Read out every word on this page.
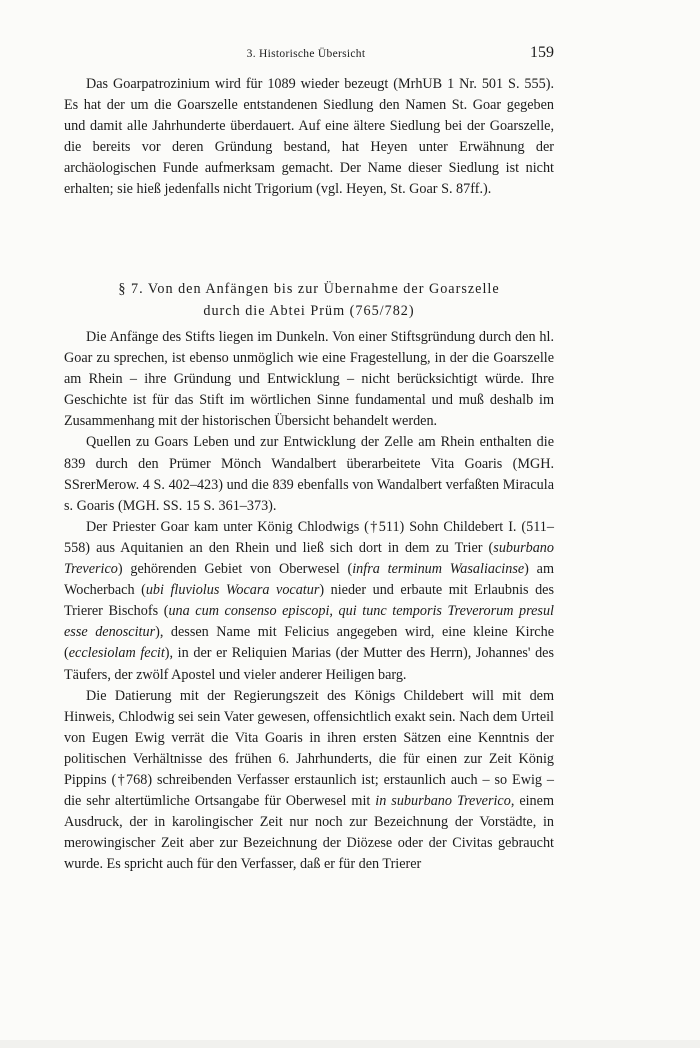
3. Historische Übersicht	159

Das Goarpatrozinium wird für 1089 wieder bezeugt (MrhUB 1 Nr. 501 S. 555). Es hat der um die Goarszelle entstandenen Siedlung den Namen St. Goar gegeben und damit alle Jahrhunderte überdauert. Auf eine ältere Siedlung bei der Goarszelle, die bereits vor deren Gründung bestand, hat Heyen unter Erwähnung der archäologischen Funde aufmerksam gemacht. Der Name dieser Siedlung ist nicht erhalten; sie hieß jedenfalls nicht Trigorium (vgl. Heyen, St. Goar S. 87ff.).

§ 7. Von den Anfängen bis zur Übernahme der Goarszelle
durch die Abtei Prüm (765/782)

Die Anfänge des Stifts liegen im Dunkeln. Von einer Stiftsgründung durch den hl. Goar zu sprechen, ist ebenso unmöglich wie eine Fragestellung, in der die Goarszelle am Rhein – ihre Gründung und Entwicklung – nicht berücksichtigt würde. Ihre Geschichte ist für das Stift im wörtlichen Sinne fundamental und muß deshalb im Zusammenhang mit der historischen Übersicht behandelt werden.

Quellen zu Goars Leben und zur Entwicklung der Zelle am Rhein enthalten die 839 durch den Prümer Mönch Wandalbert überarbeitete Vita Goaris (MGH. SSrerMerow. 4 S. 402–423) und die 839 ebenfalls von Wandalbert verfaßten Miracula s. Goaris (MGH. SS. 15 S. 361–373).

Der Priester Goar kam unter König Chlodwigs (†511) Sohn Childebert I. (511–558) aus Aquitanien an den Rhein und ließ sich dort in dem zu Trier (suburbano Treverico) gehörenden Gebiet von Oberwesel (infra terminum Wasaliacinse) am Wocherbach (ubi fluviolus Wocara vocatur) nieder und erbaute mit Erlaubnis des Trierer Bischofs (una cum consenso episcopi, qui tunc temporis Treverorum presul esse denoscitur), dessen Name mit Felicius angegeben wird, eine kleine Kirche (ecclesiolam fecit), in der er Reliquien Marias (der Mutter des Herrn), Johannes' des Täufers, der zwölf Apostel und vieler anderer Heiligen barg.

Die Datierung mit der Regierungszeit des Königs Childebert will mit dem Hinweis, Chlodwig sei sein Vater gewesen, offensichtlich exakt sein. Nach dem Urteil von Eugen Ewig verrät die Vita Goaris in ihren ersten Sätzen eine Kenntnis der politischen Verhältnisse des frühen 6. Jahrhunderts, die für einen zur Zeit König Pippins (†768) schreibenden Verfasser erstaunlich ist; erstaunlich auch – so Ewig – die sehr altertümliche Ortsangabe für Oberwesel mit in suburbano Treverico, einem Ausdruck, der in karolingischer Zeit nur noch zur Bezeichnung der Vorstädte, in merowingischer Zeit aber zur Bezeichnung der Diözese oder der Civitas gebraucht wurde. Es spricht auch für den Verfasser, daß er für den Trierer
